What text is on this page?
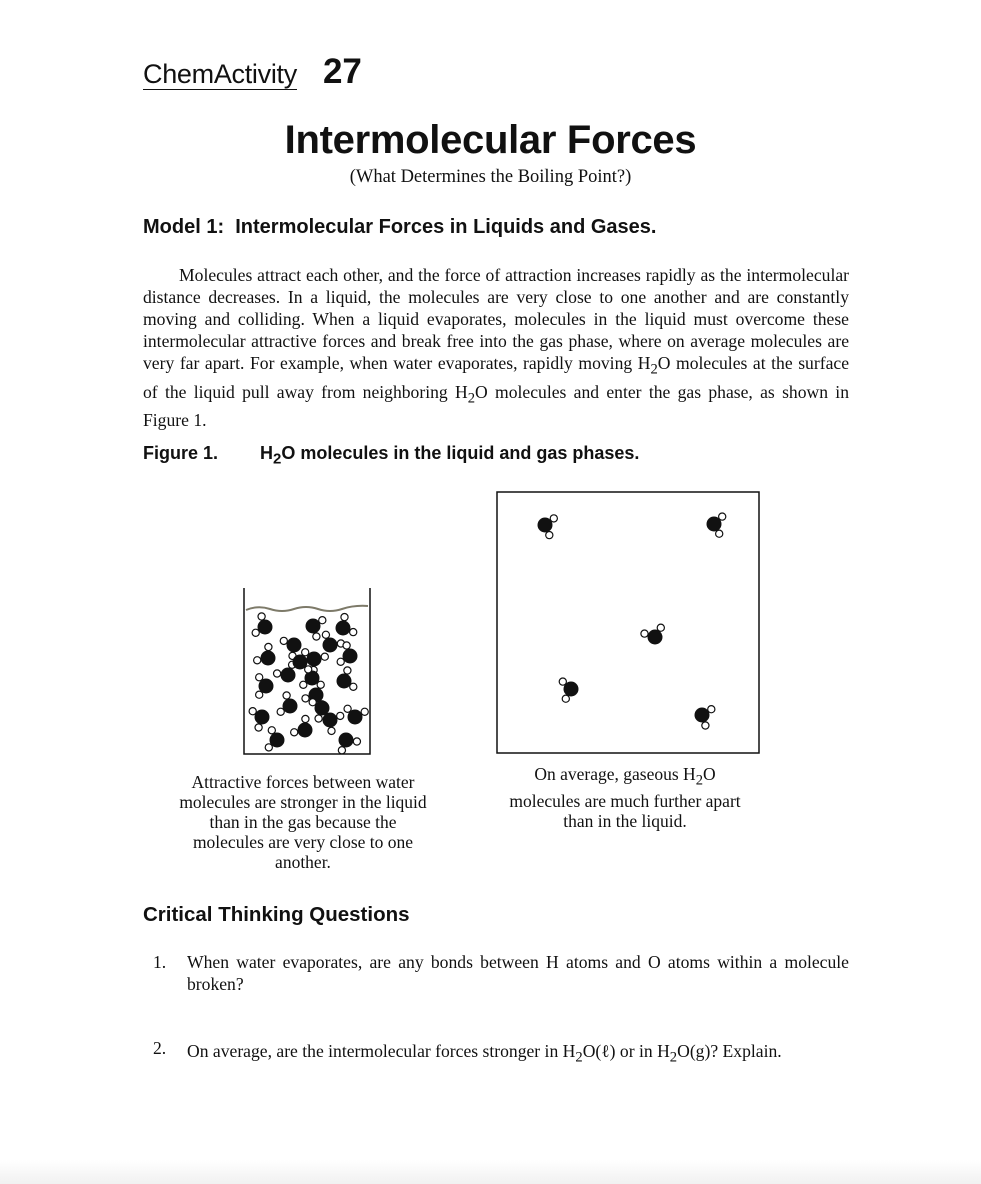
ChemActivity 27
Intermolecular Forces
(What Determines the Boiling Point?)
Model 1:  Intermolecular Forces in Liquids and Gases.

Molecules attract each other, and the force of attraction increases rapidly as the intermolecular distance decreases. In a liquid, the molecules are very close to one another and are constantly moving and colliding. When a liquid evaporates, molecules in the liquid must overcome these intermolecular attractive forces and break free into the gas phase, where on average molecules are very far apart. For example, when water evaporates, rapidly moving $H_2O$ molecules at the surface of the liquid pull away from neighboring $H_2O$ molecules and enter the gas phase, as shown in Figure 1.

Figure 1.	$H_2O$ molecules in the liquid and gas phases.
Attractive forces between water molecules are stronger in the liquid than in the gas because the molecules are very close to one another.
On average, gaseous $H_2O$ molecules are much further apart than in the liquid.
Critical Thinking Questions
1.	When water evaporates, are any bonds between H atoms and O atoms within a molecule broken?
2.	On average, are the intermolecular forces stronger in $H_2O(\ell)$ or in $H_2O(g)$? Explain.
